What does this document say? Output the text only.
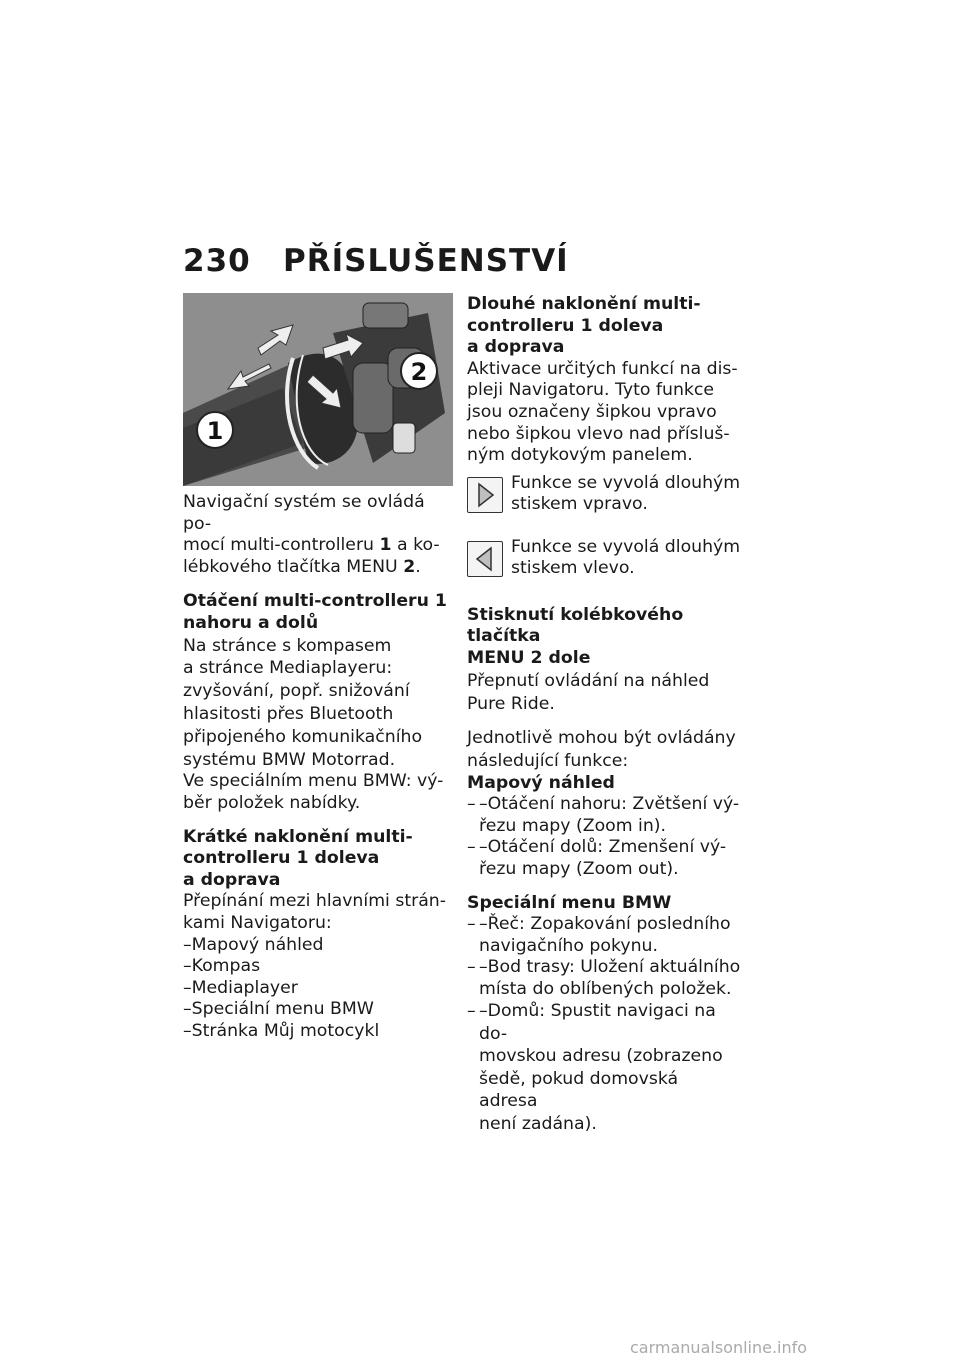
230 PŘÍSLUŠENSTVÍ
1
2

Navigační systém se ovládá po-
mocí multi-controlleru 1 a ko-
lébkového tlačítka MENU 2.

Otáčení multi-controlleru 1
nahoru a dolů

Na stránce s kompasem
a stránce Mediaplayeru:
zvyšování, popř. snižování
hlasitosti přes Bluetooth
připojeného komunikačního
systému BMW Motorrad.

Ve speciálním menu BMW: vý-
běr položek nabídky.

Krátké naklonění multi-
controlleru 1 doleva
a doprava

Přepínání mezi hlavními strán-
kami Navigatoru:

– Mapový náhled
– Kompas
– Mediaplayer
– Speciální menu BMW
– Stránka Můj motocykl
Dlouhé naklonění multi-
controlleru 1 doleva
a doprava

Aktivace určitých funkcí na dis-
pleji Navigatoru. Tyto funkce
jsou označeny šipkou vpravo
nebo šipkou vlevo nad přísluš-
ným dotykovým panelem.

Funkce se vyvolá dlouhým
stiskem vpravo.

Funkce se vyvolá dlouhým
stiskem vlevo.

Stisknutí kolébkového tlačítka
MENU 2 dole

Přepnutí ovládání na náhled
Pure Ride.

Jednotlivě mohou být ovládány
následující funkce:

Mapový náhled
– – Otáčení nahoru: Zvětšení vý-
řezu mapy (Zoom in).
– – Otáčení dolů: Zmenšení vý-
řezu mapy (Zoom out).
Speciální menu BMW
– – Řeč: Zopakování posledního
navigačního pokynu.
– – Bod trasy: Uložení aktuálního
místa do oblíbených položek.
– – Domů: Spustit navigaci na do-
movskou adresu (zobrazeno
šedě, pokud domovská adresa
není zadána).
carmanualsonline.info
